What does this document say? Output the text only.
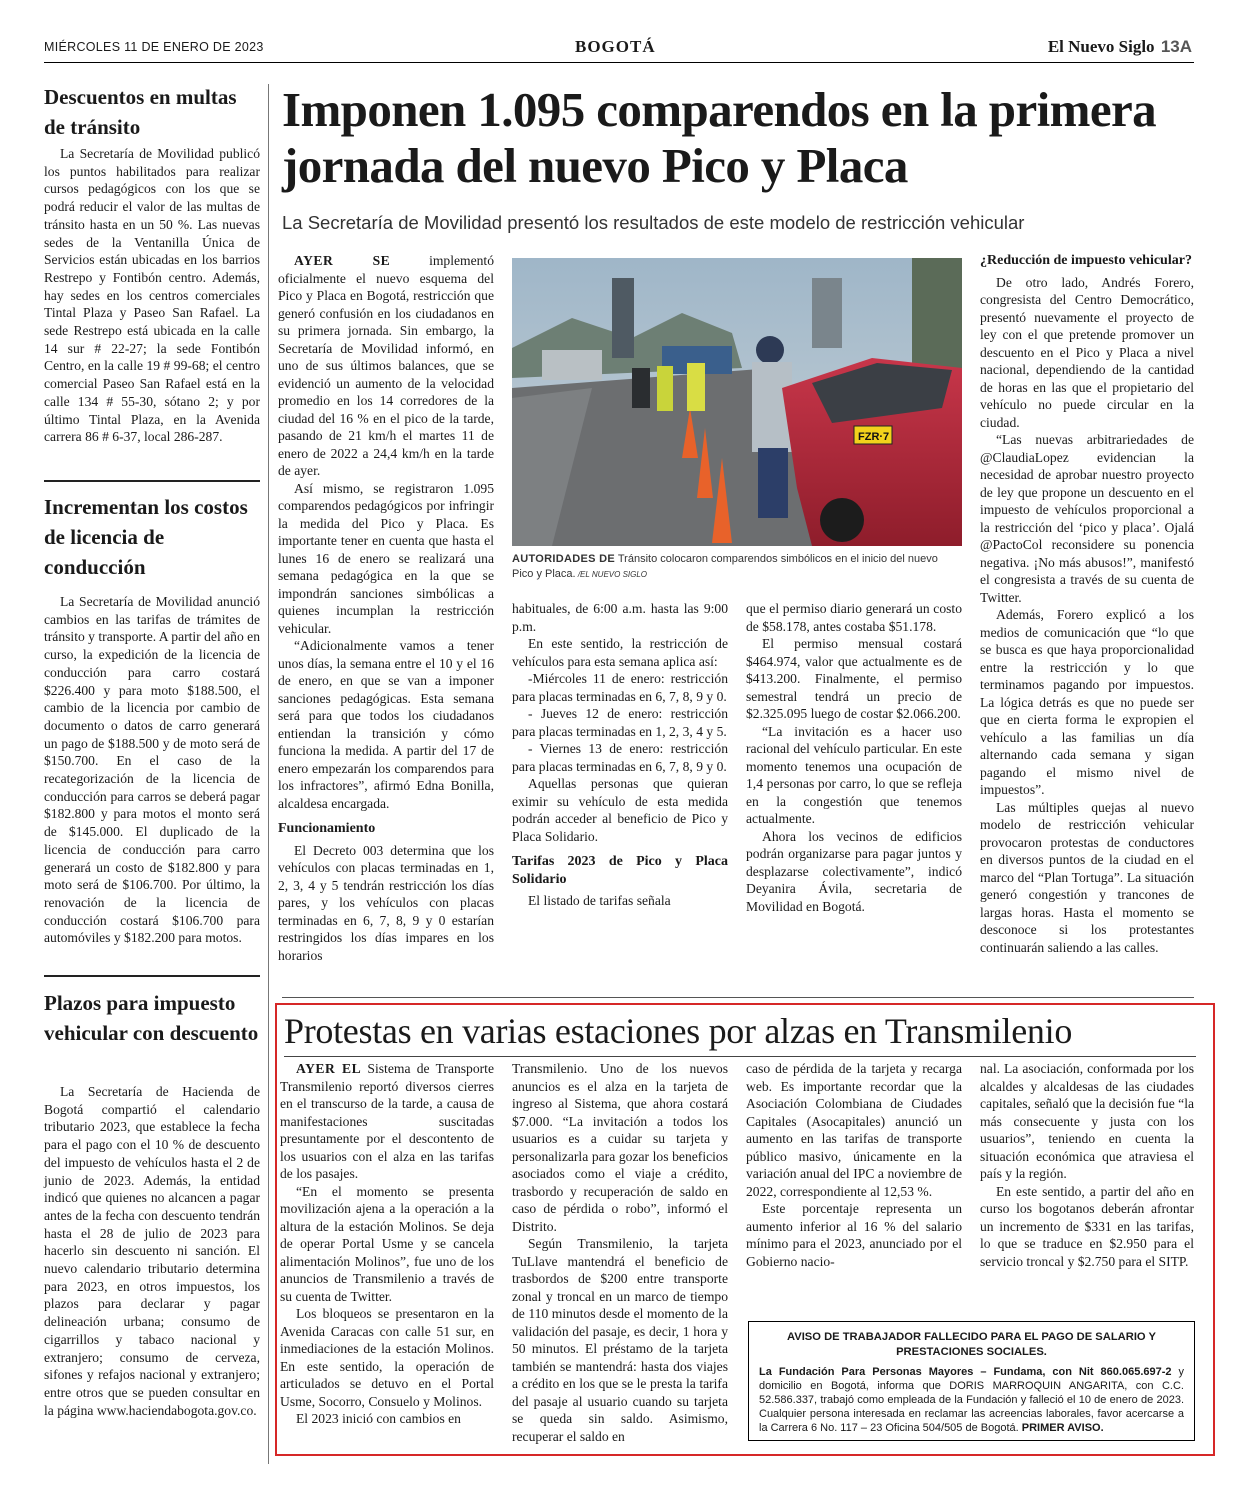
MIÉRCOLES 11 DE ENERO DE 2023	BOGOTÁ	El Nuevo Siglo 13A
Descuentos en multas de tránsito
La Secretaría de Movilidad publicó los puntos habilitados para realizar cursos pedagógicos con los que se podrá reducir el valor de las multas de tránsito hasta en un 50 %. Las nuevas sedes de la Ventanilla Única de Servicios están ubicadas en los barrios Restrepo y Fontibón centro. Además, hay sedes en los centros comerciales Tintal Plaza y Paseo San Rafael. La sede Restrepo está ubicada en la calle 14 sur # 22-27; la sede Fontibón Centro, en la calle 19 # 99-68; el centro comercial Paseo San Rafael está en la calle 134 # 55-30, sótano 2; y por último Tintal Plaza, en la Avenida carrera 86 # 6-37, local 286-287.
Incrementan los costos de licencia de conducción
La Secretaría de Movilidad anunció cambios en las tarifas de trámites de tránsito y transporte. A partir del año en curso, la expedición de la licencia de conducción para carro costará $226.400 y para moto $188.500, el cambio de la licencia por cambio de documento o datos de carro generará un pago de $188.500 y de moto será de $150.700. En el caso de la recategorización de la licencia de conducción para carros se deberá pagar $182.800 y para motos el monto será de $145.000. El duplicado de la licencia de conducción para carro generará un costo de $182.800 y para moto será de $106.700. Por último, la renovación de la licencia de conducción costará $106.700 para automóviles y $182.200 para motos.
Plazos para impuesto vehicular con descuento
La Secretaría de Hacienda de Bogotá compartió el calendario tributario 2023, que establece la fecha para el pago con el 10 % de descuento del impuesto de vehículos hasta el 2 de junio de 2023. Además, la entidad indicó que quienes no alcancen a pagar antes de la fecha con descuento tendrán hasta el 28 de julio de 2023 para hacerlo sin descuento ni sanción. El nuevo calendario tributario determina para 2023, en otros impuestos, los plazos para declarar y pagar delineación urbana; consumo de cigarrillos y tabaco nacional y extranjero; consumo de cerveza, sifones y refajos nacional y extranjero; entre otros que se pueden consultar en la página www.haciendabogota.gov.co.
Imponen 1.095 comparendos en la primera jornada del nuevo Pico y Placa
La Secretaría de Movilidad presentó los resultados de este modelo de restricción vehicular

AYER SE implementó oficialmente el nuevo esquema del Pico y Placa en Bogotá, restricción que generó confusión en los ciudadanos en su primera jornada. Sin embargo, la Secretaría de Movilidad informó, en uno de sus últimos balances, que se evidenció un aumento de la velocidad promedio en los 14 corredores de la ciudad del 16 % en el pico de la tarde, pasando de 21 km/h el martes 11 de enero de 2022 a 24,4 km/h en la tarde de ayer.

Así mismo, se registraron 1.095 comparendos pedagógicos por infringir la medida del Pico y Placa. Es importante tener en cuenta que hasta el lunes 16 de enero se realizará una semana pedagógica en la que se impondrán sanciones simbólicas a quienes incumplan la restricción vehicular.

“Adicionalmente vamos a tener unos días, la semana entre el 10 y el 16 de enero, en que se van a imponer sanciones pedagógicas. Esta semana será para que todos los ciudadanos entiendan la transición y cómo funciona la medida. A partir del 17 de enero empezarán los comparendos para los infractores”, afirmó Edna Bonilla, alcaldesa encargada.

Funcionamiento

El Decreto 003 determina que los vehículos con placas terminadas en 1, 2, 3, 4 y 5 tendrán restricción los días pares, y los vehículos con placas terminadas en 6, 7, 8, 9 y 0 estarían restringidos los días impares en los horarios

FZR·7
AUTORIDADES DE Tránsito colocaron comparendos simbólicos en el inicio del nuevo Pico y Placa. /EL NUEVO SIGLO

habituales, de 6:00 a.m. hasta las 9:00 p.m.

En este sentido, la restricción de vehículos para esta semana aplica así:

-Miércoles 11 de enero: restricción para placas terminadas en 6, 7, 8, 9 y 0.

- Jueves 12 de enero: restricción para placas terminadas en 1, 2, 3, 4 y 5.

- Viernes 13 de enero: restricción para placas terminadas en 6, 7, 8, 9 y 0.

Aquellas personas que quieran eximir su vehículo de esta medida podrán acceder al beneficio de Pico y Placa Solidario.

Tarifas 2023 de Pico y Placa Solidario

El listado de tarifas señala

que el permiso diario generará un costo de $58.178, antes costaba $51.178.

El permiso mensual costará $464.974, valor que actualmente es de $413.200. Finalmente, el permiso semestral tendrá un precio de $2.325.095 luego de costar $2.066.200.

“La invitación es a hacer uso racional del vehículo particular. En este momento tenemos una ocupación de 1,4 personas por carro, lo que se refleja en la congestión que tenemos actualmente.

Ahora los vecinos de edificios podrán organizarse para pagar juntos y desplazarse colectivamente”, indicó Deyanira Ávila, secretaria de Movilidad en Bogotá.

¿Reducción de impuesto vehicular?

De otro lado, Andrés Forero, congresista del Centro Democrático, presentó nuevamente el proyecto de ley con el que pretende promover un descuento en el Pico y Placa a nivel nacional, dependiendo de la cantidad de horas en las que el propietario del vehículo no puede circular en la ciudad.

“Las nuevas arbitrariedades de @ClaudiaLopez evidencian la necesidad de aprobar nuestro proyecto de ley que propone un descuento en el impuesto de vehículos proporcional a la restricción del ‘pico y placa’. Ojalá @PactoCol reconsidere su ponencia negativa. ¡No más abusos!”, manifestó el congresista a través de su cuenta de Twitter.

Además, Forero explicó a los medios de comunicación que “lo que se busca es que haya proporcionalidad entre la restricción y lo que terminamos pagando por impuestos. La lógica detrás es que no puede ser que en cierta forma le expropien el vehículo a las familias un día alternando cada semana y sigan pagando el mismo nivel de impuestos”.

Las múltiples quejas al nuevo modelo de restricción vehicular provocaron protestas de conductores en diversos puntos de la ciudad en el marco del “Plan Tortuga”. La situación generó congestión y trancones de largas horas. Hasta el momento se desconoce si los protestantes continuarán saliendo a las calles.

Protestas en varias estaciones por alzas en Transmilenio

AYER EL Sistema de Transporte Transmilenio reportó diversos cierres en el transcurso de la tarde, a causa de manifestaciones suscitadas presuntamente por el descontento de los usuarios con el alza en las tarifas de los pasajes.

“En el momento se presenta movilización ajena a la operación a la altura de la estación Molinos. Se deja de operar Portal Usme y se cancela alimentación Molinos”, fue uno de los anuncios de Transmilenio a través de su cuenta de Twitter.

Los bloqueos se presentaron en la Avenida Caracas con calle 51 sur, en inmediaciones de la estación Molinos. En este sentido, la operación de articulados se detuvo en el Portal Usme, Socorro, Consuelo y Molinos.

El 2023 inició con cambios en

Transmilenio. Uno de los nuevos anuncios es el alza en la tarjeta de ingreso al Sistema, que ahora costará $7.000. “La invitación a todos los usuarios es a cuidar su tarjeta y personalizarla para gozar los beneficios asociados como el viaje a crédito, trasbordo y recuperación de saldo en caso de pérdida o robo”, informó el Distrito.

Según Transmilenio, la tarjeta TuLlave mantendrá el beneficio de trasbordos de $200 entre transporte zonal y troncal en un marco de tiempo de 110 minutos desde el momento de la validación del pasaje, es decir, 1 hora y 50 minutos. El préstamo de la tarjeta también se mantendrá: hasta dos viajes a crédito en los que se le presta la tarifa del pasaje al usuario cuando su tarjeta se queda sin saldo. Asimismo, recuperar el saldo en

caso de pérdida de la tarjeta y recarga web. Es importante recordar que la Asociación Colombiana de Ciudades Capitales (Asocapitales) anunció un aumento en las tarifas de transporte público masivo, únicamente en la variación anual del IPC a noviembre de 2022, correspondiente al 12,53 %.

Este porcentaje representa un aumento inferior al 16 % del salario mínimo para el 2023, anunciado por el Gobierno nacio-

nal. La asociación, conformada por los alcaldes y alcaldesas de las ciudades capitales, señaló que la decisión fue “la más consecuente y justa con los usuarios”, teniendo en cuenta la situación económica que atraviesa el país y la región.

En este sentido, a partir del año en curso los bogotanos deberán afrontar un incremento de $331 en las tarifas, lo que se traduce en $2.950 para el servicio troncal y $2.750 para el SITP.

AVISO DE TRABAJADOR FALLECIDO PARA EL PAGO DE SALARIO Y PRESTACIONES SOCIALES.
La Fundación Para Personas Mayores – Fundama, con Nit 860.065.697-2 y domicilio en Bogotá, informa que DORIS MARROQUIN ANGARITA, con C.C. 52.586.337, trabajó como empleada de la Fundación y falleció el 10 de enero de 2023. Cualquier persona interesada en reclamar las acreencias laborales, favor acercarse a la Carrera 6 No. 117 – 23 Oficina 504/505 de Bogotá. PRIMER AVISO.
